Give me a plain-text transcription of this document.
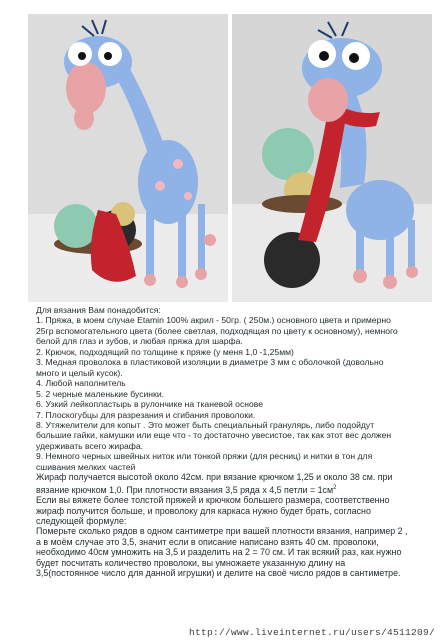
Для вязания Вам понадобится:

1. Пряжа, в моем случае Etamin 100% акрил - 50гр. ( 250м.) основного цвета и примерно

25гр вспомогательного цвета (более светлая, подходящая по цвету к основному), немного

белой для глаз и зубов, и любая пряжа для шарфа.

2. Крючок, подходящий по толщине к пряже (у меня 1,0 -1,25мм)

3. Медная проволока в пластиковой изоляции в диаметре 3 мм с оболочкой (довольно

много и целый кусок).

4. Любой наполнитель

5. 2 черные маленькие бусинки.

6. Узкий лейкопластырь в рулончике на тканевой основе

7. Плоскогубцы для разрезания и сгибания проволоки.

8. Утяжелители для копыт . Это может быть специальный гранулярь, либо подойдут

большие гайки, камушки или еще что - то достаточно увесистое, так как этот вес должен

удерживать всего жирафа.

9. Немного черных швейных ниток или тонкой пряжи (для ресниц) и нитки в тон для

сшивания мелких частей

Жираф получается высотой около 42см. при вязание крючком 1,25 и около 38 см. при

вязание крючком 1,0. При плотности вязания 3,5 ряда х 4,5 петли = $1см^2$

Если вы вяжете более толстой пряжей и крючком большего размера, соответственно

жираф получится больше, и проволоку для каркаса нужно будет брать, согласно

следующей формуле:

Померьте сколько рядов в одном сантиметре при вашей плотности вязания, например 2 ,

а в моём случае это 3,5, значит если в описание написано взять 40 см. проволоки,

необходимо 40см умножить на 3,5 и разделить на 2 = 70 см. И так всякий раз, как нужно

будет посчитать количество проволоки, вы умножаете указанную длину на

3,5(постоянное число для данной игрушки) и делите на своё число рядов в сантиметре.

http://www.liveinternet.ru/users/4511209/
